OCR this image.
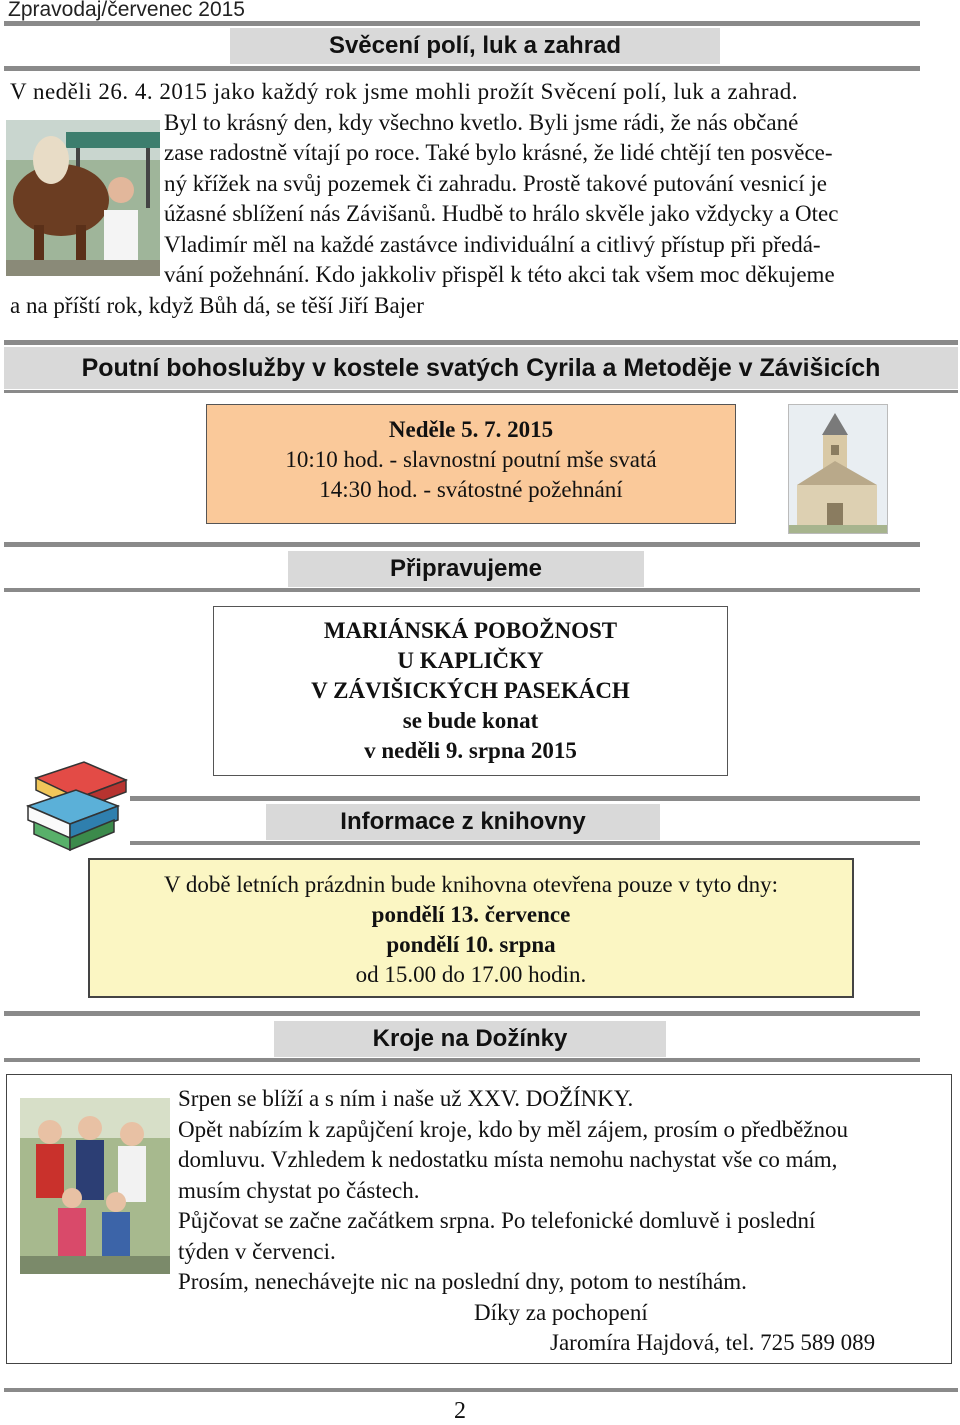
Zpravodaj/červenec 2015
Svěcení polí, luk a zahrad
V neděli 26. 4. 2015 jako každý rok jsme mohli prožít Svěcení polí, luk a zahrad.
Byl to krásný den, kdy všechno kvetlo. Byli jsme rádi, že nás občané
zase radostně vítají po roce. Také bylo krásné, že lidé chtějí ten posvěce-
ný křížek na svůj pozemek či zahradu. Prostě takové putování vesnicí je
úžasné sblížení nás Závišanů. Hudbě to hrálo skvěle jako vždycky a Otec
Vladimír měl na každé zastávce individuální a citlivý přístup při předá-
vání požehnání. Kdo jakkoliv přispěl k této akci tak všem moc děkujeme
a na příští rok, když Bůh dá, se těší Jiří Bajer
Poutní bohoslužby v kostele svatých Cyrila a Metoděje v Závišicích
Neděle 5. 7. 2015
10:10 hod. - slavnostní poutní mše svatá
14:30 hod. - svátostné požehnání
Připravujeme
MARIÁNSKÁ POBOŽNOST
U KAPLIČKY
V ZÁVIŠICKÝCH PASEKÁCH
se bude konat
v neděli 9. srpna 2015
Informace z knihovny
V době letních prázdnin bude knihovna otevřena pouze v tyto dny:
pondělí 13. července
pondělí 10. srpna
od 15.00 do 17.00 hodin.
Kroje na Dožínky
Srpen se blíží a s ním i naše už XXV. DOŽÍNKY.
Opět nabízím k zapůjčení kroje, kdo by měl zájem, prosím o předběžnou
domluvu. Vzhledem k nedostatku místa nemohu nachystat vše co mám,
musím chystat po částech.
Půjčovat se začne začátkem srpna. Po telefonické domluvě i poslední
týden v červenci.
Prosím, nenechávejte nic na poslední dny, potom to nestíhám.
Díky za pochopení
Jaromíra Hajdová, tel. 725 589 089
2
